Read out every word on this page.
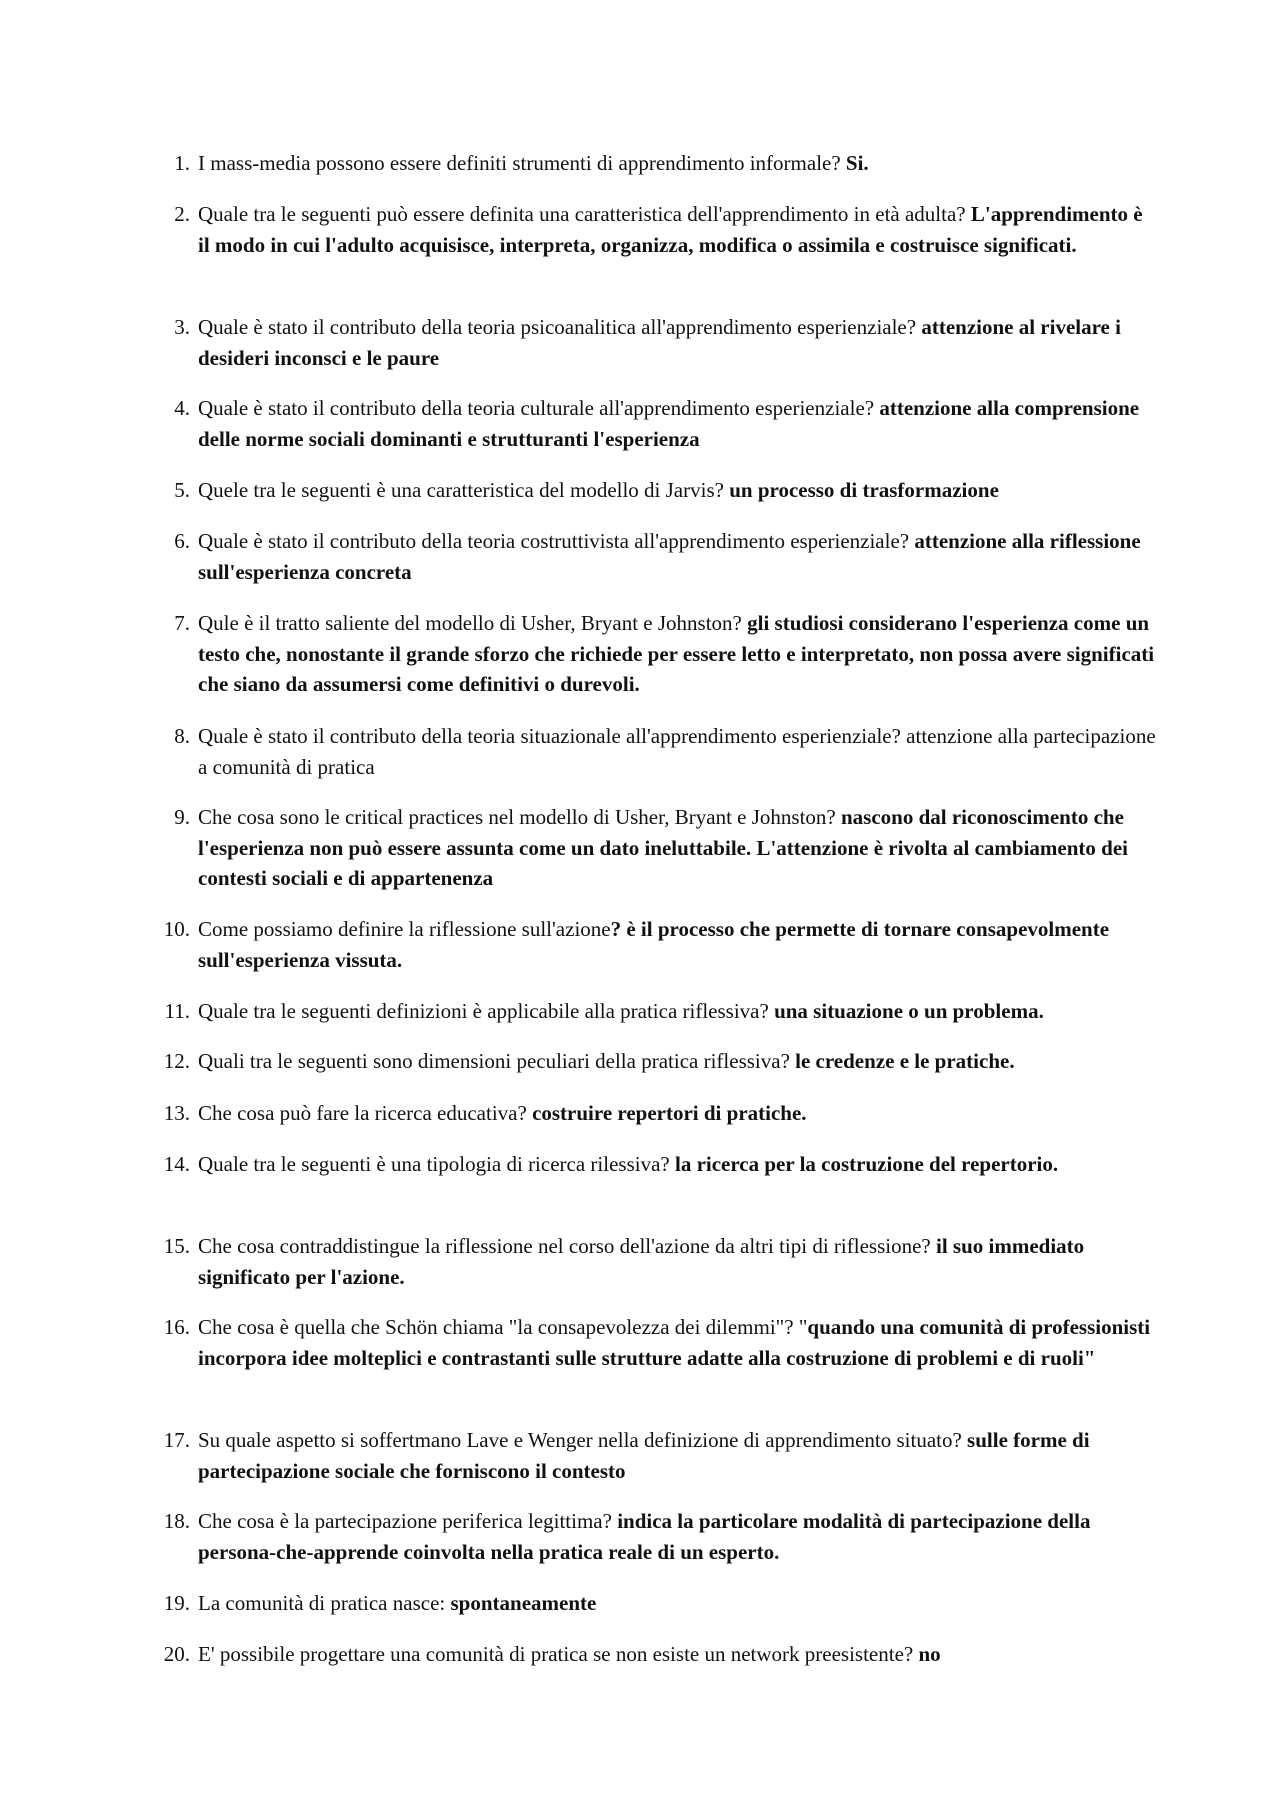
1. I mass-media possono essere definiti strumenti di apprendimento informale? Si.
2. Quale tra le seguenti può essere definita una caratteristica dell'apprendimento in età adulta? L'apprendimento è il modo in cui l'adulto acquisisce, interpreta, organizza, modifica o assimila e costruisce significati.
3. Quale è stato il contributo della teoria psicoanalitica all'apprendimento esperienziale? attenzione al rivelare i desideri inconsci e le paure
4. Quale è stato il contributo della teoria culturale all'apprendimento esperienziale? attenzione alla comprensione delle norme sociali dominanti e strutturanti l'esperienza
5. Quele tra le seguenti è una caratteristica del modello di Jarvis? un processo di trasformazione
6. Quale è stato il contributo della teoria costruttivista all'apprendimento esperienziale? attenzione alla riflessione sull'esperienza concreta
7. Qule è il tratto saliente del modello di Usher, Bryant e Johnston? gli studiosi considerano l'esperienza come un testo che, nonostante il grande sforzo che richiede per essere letto e interpretato, non possa avere significati che siano da assumersi come definitivi o durevoli.
8. Quale è stato il contributo della teoria situazionale all'apprendimento esperienziale? attenzione alla partecipazione a comunità di pratica
9. Che cosa sono le critical practices nel modello di Usher, Bryant e Johnston? nascono dal riconoscimento che l'esperienza non può essere assunta come un dato ineluttabile. L'attenzione è rivolta al cambiamento dei contesti sociali e di appartenenza
10. Come possiamo definire la riflessione sull'azione? è il processo che permette di tornare consapevolmente sull'esperienza vissuta.
11. Quale tra le seguenti definizioni è applicabile alla pratica riflessiva? una situazione o un problema.
12. Quali tra le seguenti sono dimensioni peculiari della pratica riflessiva? le credenze e le pratiche.
13. Che cosa può fare la ricerca educativa? costruire repertori di pratiche.
14. Quale tra le seguenti è una tipologia di ricerca rilessiva? la ricerca per la costruzione del repertorio.
15. Che cosa contraddistingue la riflessione nel corso dell'azione da altri tipi di riflessione? il suo immediato significato per l'azione.
16. Che cosa è quella che Schön chiama "la consapevolezza dei dilemmi"? "quando una comunità di professionisti incorpora idee molteplici e contrastanti sulle strutture adatte alla costruzione di problemi e di ruoli"
17. Su quale aspetto si soffertmano Lave e Wenger nella definizione di apprendimento situato? sulle forme di partecipazione sociale che forniscono il contesto
18. Che cosa è la partecipazione periferica legittima? indica la particolare modalità di partecipazione della persona-che-apprende coinvolta nella pratica reale di un esperto.
19. La comunità di pratica nasce: spontaneamente
20. E' possibile progettare una comunità di pratica se non esiste un network preesistente? no
